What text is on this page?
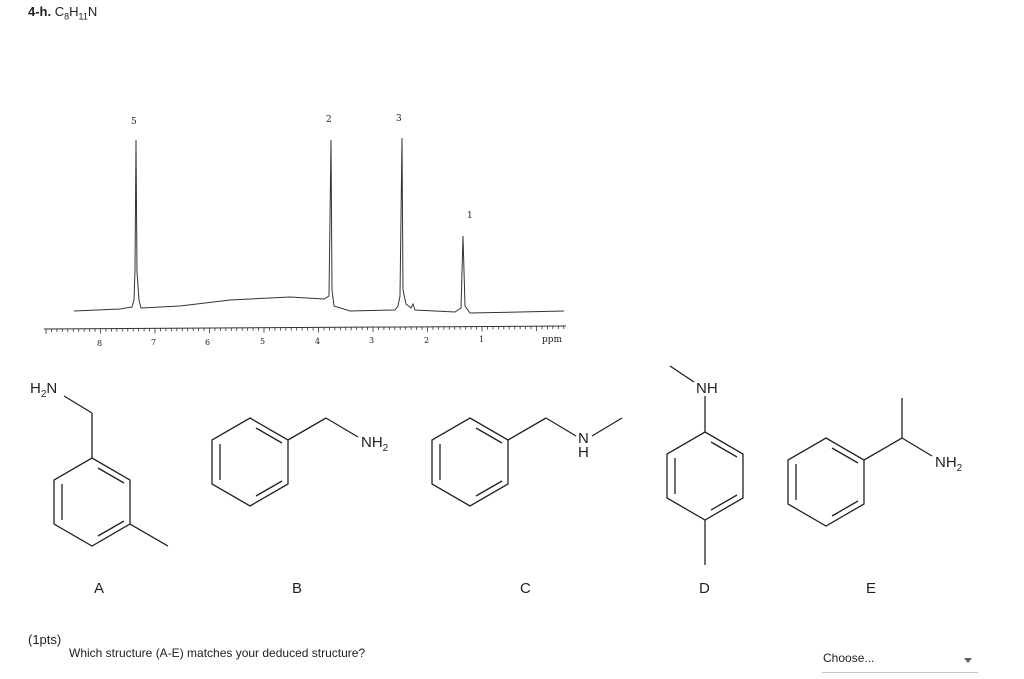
4-h. $C_8H_{11}N$
5	2	3
1
8	7	6	5	4	3	2	1	ppm
$H_2N$
$NH_2$
N
H
NH
$NH_2$
A	B	C	D	E
(1pts)
Which structure (A-E) matches your deduced structure?	Choose...
